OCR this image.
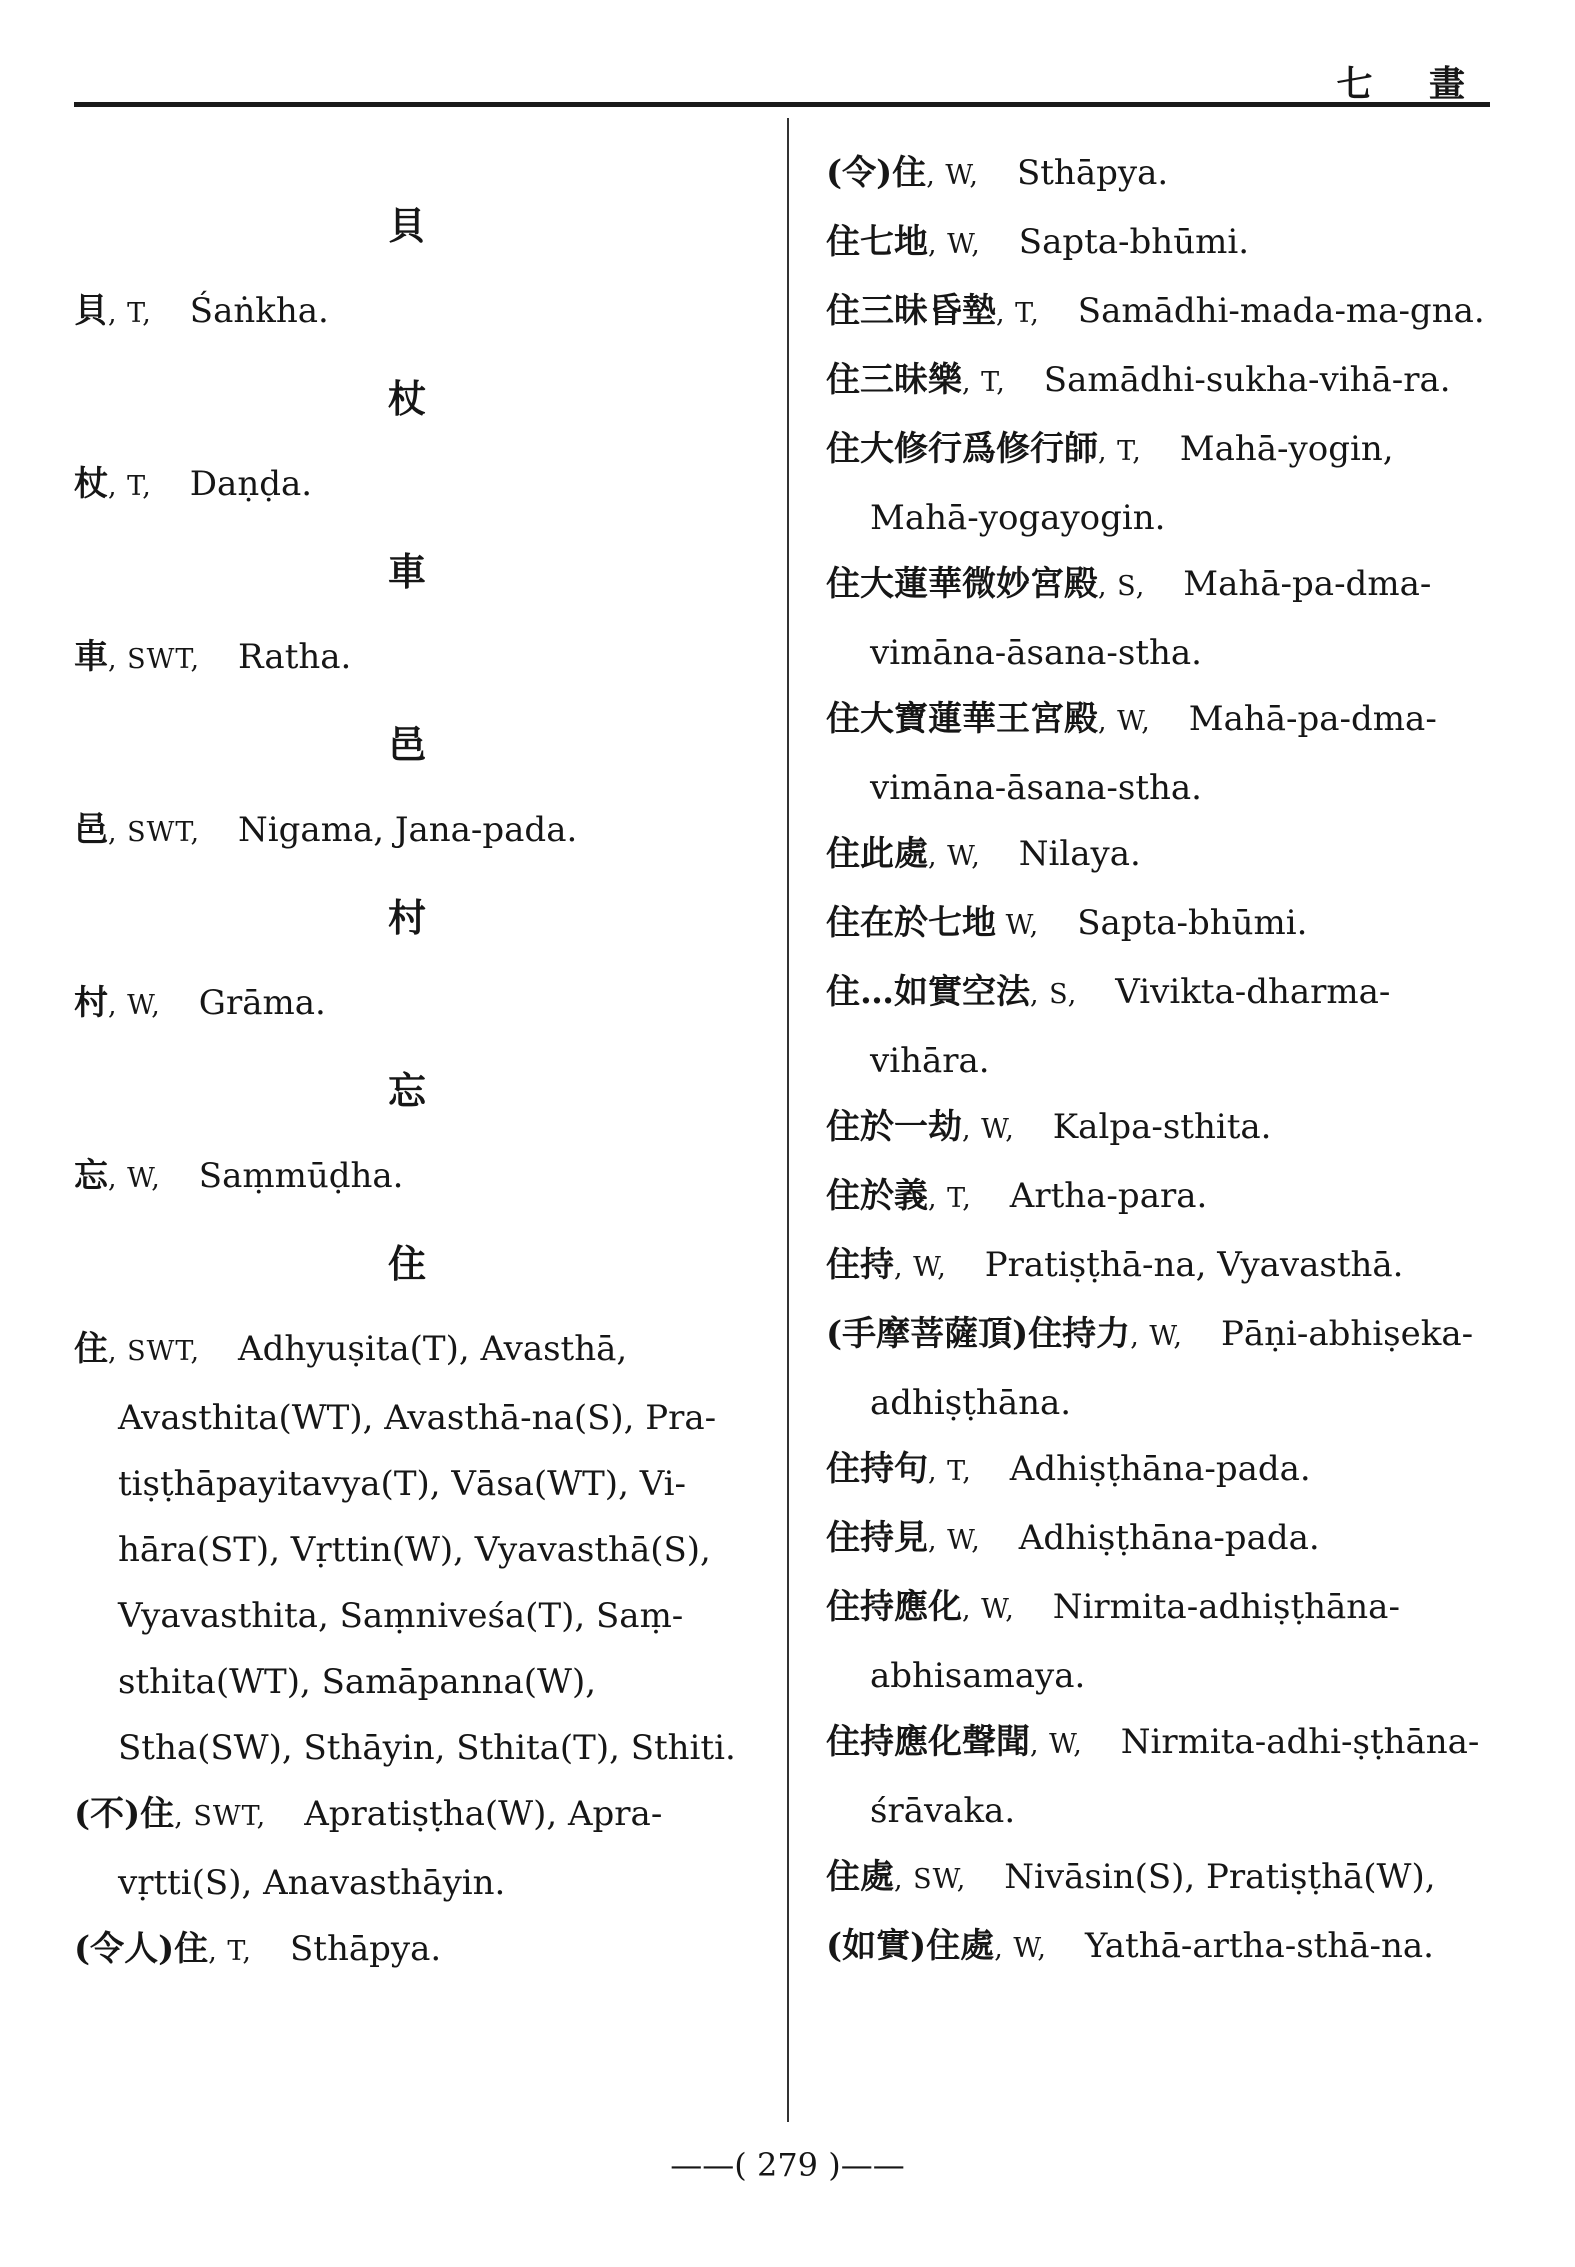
七 畫
貝
貝, T, Śaṅkha.
杖
杖, T, Daṇḍa.
車
車, SWT, Ratha.
邑
邑, SWT, Nigama, Jana-pada.
村
村, W, Grāma.
忘
忘, W, Saṃmūḍha.
住
住, SWT, Adhyuṣita(T), Avasthā, Avasthita(WT), Avasthā-na(S), Pra-tiṣṭhāpayitavya(T), Vāsa(WT), Vi-hāra(ST), Vṛttin(W), Vyavasthā(S), Vyavasthita, Saṃniveśa(T), Saṃ-sthita(WT), Samāpanna(W), Stha(SW), Sthāyin, Sthita(T), Sthiti.
(不)住, SWT, Apratiṣṭha(W), Apra-vṛtti(S), Anavasthāyin.
(令人)住, T, Sthāpya.
(令)住, W, Sthāpya.
住七地, W, Sapta-bhūmi.
住三昧昏墊, T, Samādhi-mada-ma-gna.
住三昧樂, T, Samādhi-sukha-vihā-ra.
住大修行爲修行師, T, Mahā-yogin, Mahā-yogayogin.
住大蓮華微妙宮殿, S, Mahā-pa-dma-vimāna-āsana-stha.
住大寶蓮華王宮殿, W, Mahā-pa-dma-vimāna-āsana-stha.
住此處, W, Nilaya.
住在於七地 W, Sapta-bhūmi.
住…如實空法, S, Vivikta-dharma-vihāra.
住於一劫, W, Kalpa-sthita.
住於義, T, Artha-para.
住持, W, Pratiṣṭhā-na, Vyavasthā.
(手摩菩薩頂)住持力, W, Pāṇi-abhiṣeka-adhiṣṭhāna.
住持句, T, Adhiṣṭhāna-pada.
住持見, W, Adhiṣṭhāna-pada.
住持應化, W, Nirmita-adhiṣṭhāna-abhisamaya.
住持應化聲聞, W, Nirmita-adhi-ṣṭhāna-śrāvaka.
住處, SW, Nivāsin(S), Pratiṣṭhā(W),
(如實)住處, W, Yathā-artha-sthā-na.
——( 279 )——
